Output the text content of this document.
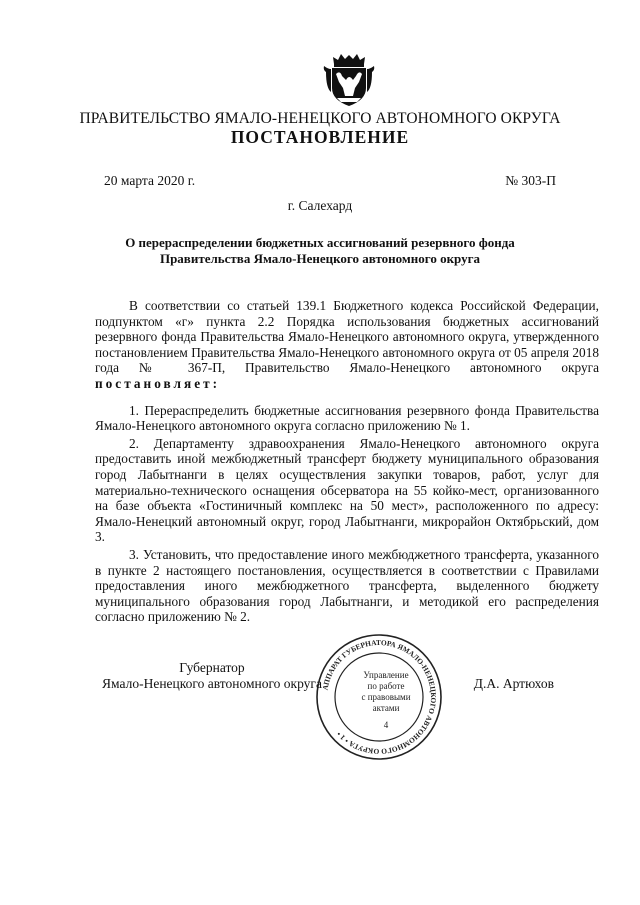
ПРАВИТЕЛЬСТВО ЯМАЛО-НЕНЕЦКОГО АВТОНОМНОГО ОКРУГА
ПОСТАНОВЛЕНИЕ
20 марта 2020 г.	№ 303-П
г. Салехард
О перераспределении бюджетных ассигнований резервного фонда
Правительства Ямало-Ненецкого автономного округа

В соответствии со статьей 139.1 Бюджетного кодекса Российской Федерации, подпунктом «г» пункта 2.2 Порядка использования бюджетных ассигнований резервного фонда Правительства Ямало-Ненецкого автономного округа, утвержденного постановлением Правительства Ямало-Ненецкого автономного округа от 05 апреля 2018 года № 367-П, Правительство Ямало-Ненецкого автономного округа постановляет:

1. Перераспределить бюджетные ассигнования резервного фонда Правительства Ямало-Ненецкого автономного округа согласно приложению № 1.

2. Департаменту здравоохранения Ямало-Ненецкого автономного округа предоставить иной межбюджетный трансферт бюджету муниципального образования город Лабытнанги в целях осуществления закупки товаров, работ, услуг для материально-технического оснащения обсерватора на 55 койко-мест, организованного на базе объекта «Гостиничный комплекс на 50 мест», расположенного по адресу: Ямало-Ненецкий автономный округ, город Лабытнанги, микрорайон Октябрьский, дом 3.

3. Установить, что предоставление иного межбюджетного трансферта, указанного в пункте 2 настоящего постановления, осуществляется в соответствии с Правилами предоставления иного межбюджетного трансферта, выделенного бюджету муниципального образования город Лабытнанги, и методикой его распределения согласно приложению № 2.

Губернатор
Ямало-Ненецкого автономного округа	Д.А. Артюхов
АППАРАТ ГУБЕРНАТОРА ЯМАЛО-НЕНЕЦКОГО АВТОНОМНОГО ОКРУГА • 1 •
Управление
по работе
с правовыми
актами
4
